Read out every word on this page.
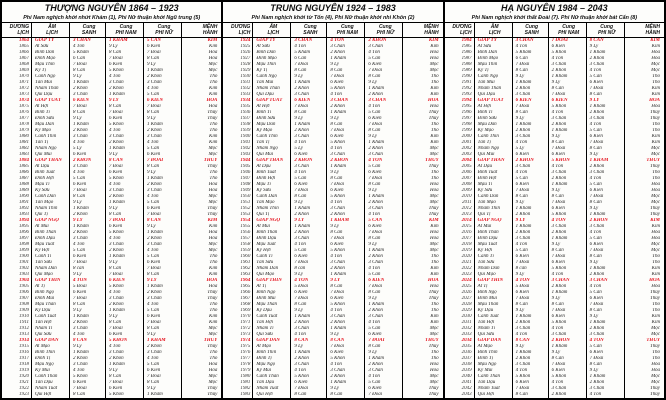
THƯỢNG NGUYÊN 1864 – 1923
Phi Nam nghịch khởi nhứt Khảm (1), Phi Nữ thuận khởi Ngũ trung (5)
DƯƠNG
LỊCH
ÂM
LỊCH
Cung
SANH
Cung
PHI NAM
Cung
PHI NỮ
MỆNH
HÀNH
1864	GIÁP TÝ	3 CHẤN	1 KHẢM	5 CẤN	KIM
1865	Ất Sửu	4 Tốn	9 Ly	6 Kiền	Kim
1866	Bính Dần	5 Khảm	8 Cấn	7 Đoài	Hỏa
1867	Đinh Mạo	6 Cấn	7 Đoài	8 Cấn	Hỏa
1868	Mậu Thìn	7 Đoài	6 Kiền	9 Ly	Mộc
1869	Kỷ Tị	8 Cấn	5 Khôn	1 Khảm	Mộc
1870	Canh Ngọ	9 Ly	4 Tốn	2 Khôn	Thổ
1871	Tân Mùi	1 Khảm	3 Chấn	3 Chấn	Thổ
1872	Nhâm Thân	2 Khôn	2 Khôn	4 Tốn	Kim
1873	Quí Dậu	3 Chấn	1 Khảm	5 Cấn	Kim
1874	GIÁP TUẤT	6 KIỀN	9 LY	6 KIỀN	HỎA
1875	Ất Hợi	7 Đoài	8 Cấn	7 Đoài	Hỏa
1876	Bính Tí	8 Cấn	7 Đoài	8 Cấn	Thủy
1877	Đinh Sửu	9 Ly	6 Kiền	9 Ly	Thủy
1878	Mậu Dần	1 Khảm	5 Khôn	1 Khảm	Thổ
1879	Kỷ Mạo	2 Khôn	4 Tốn	2 Khôn	Thổ
1880	Canh Thìn	3 Chấn	3 Chấn	3 Chấn	Kim
1881	Tân Tị	4 Tốn	2 Khôn	4 Tốn	Kim
1882	Nhâm Ngọ	5 Ly	1 Khảm	5 Cấn	Mộc
1883	Quí Mùi	6 Kiền	9 Ly	6 Kiền	Mộc
1884	GIÁP THÂN	2 KHÔN	8 CẤN	7 ĐOÀI	THỦY
1885	Ất Dậu	3 Chấn	7 Đoài	8 Cấn	Thủy
1886	Bính Tuất	4 Tốn	6 Kiền	9 Ly	Thổ
1887	Đinh Hợi	5 Cấn	5 Khôn	1 Khảm	Thổ
1888	Mậu Tí	6 Kiền	4 Tốn	2 Khôn	Hỏa
1889	Kỷ Sửu	7 Đoài	3 Chấn	3 Chấn	Hỏa
1890	Canh Dần	8 Cấn	2 Khôn	4 Tốn	Mộc
1891	Tân Mạo	9 Ly	1 Khảm	5 Cấn	Mộc
1892	Nhâm Thìn	1 Khảm	9 Ly	6 Kiền	Thủy
1893	Quí Tị	2 Khôn	8 Cấn	7 Đoài	Thủy
1894	GIÁP NGỌ	9 LY	7 ĐOÀI	8 CẤN	KIM
1895	Ất Mùi	1 Khảm	6 Kiền	9 Ly	Kim
1896	Bính Thân	2 Khôn	5 Khôn	1 Khảm	Hỏa
1897	Đinh Dậu	3 Chấn	4 Tốn	2 Khôn	Hỏa
1898	Mậu Tuất	4 Tốn	3 Chấn	3 Chấn	Mộc
1899	Kỷ Hợi	5 Cấn	2 Khôn	4 Tốn	Mộc
1900	Canh Tí	6 Kiền	1 Khảm	5 Cấn	Thổ
1901	Tân Sửu	7 Đoài	9 Ly	6 Kiền	Thổ
1902	Nhâm Dần	8 cấn	8 Cấn	7 Đoài	Kim
1903	Quí Mạo	9 Ly	7 Đoài	8 Cấn	Kim
1904	GIÁP THÌN	4 TỐN	6 KIỀN	9 LY	HỎA
1905	Ất Tị	5 Đoài	5 Khôn	1 Khảm	Hỏa
1906	Bính Ngọ	6 Kiền	4 Tốn	2 Khôn	Thủy
1907	Đinh Mùi	7 Đoài	3 Chấn	3 Chấn	Thủy
1908	Mậu Thân	8 Cấn	2 Khôn	4 Tốn	Thổ
1909	Kỷ Dậu	9 Ly	1 Khảm	5 Cấn	Thổ
1910	Canh Tuất	1 Khảm	9 Ly	6 Kiền	Kim
1911	Tân Hợi	2 Khôn	8 Cấn	7 Đoài	Kim
1912	Nhâm Tí	3 Chấn	7 Đoài	8 Cấn	Mộc
1913	Quí Sửu	4 Tốn	6 Kiền	9 Ly	Mộc
1914	GIÁP DẦN	8 CẤN	5 KHÔN	1 KHẢM	THỦY
1915	Ất Mạo	9 Ly	4 Tốn	2 Khôn	Thủy
1916	Bính Thìn	1 Khảm	3 Chấn	3 Chấn	Thổ
1917	Đinh Tị	2 Khôn	2 Khôn	4 Tốn	Thổ
1918	Mậu Ngọ	3 Chấn	1 Khảm	5 Cấn	Hỏa
1919	Kỷ Mùi	4 Tốn	9 Ly	6 Kiền	Hỏa
1920	Canh Thân	5 Khôn	8 Cấn	7 Đoài	Mộc
1921	Tân Dậu	6 Kiền	7 Đoài	8 Cấn	Mộc
1922	Nhâm Tuất	7 Đoài	6 Kiền	9 Ly	Thủy
1923	Quí Hợi	8 Cấn	5 Khôn	1 Khảm	Thủy
TRUNG NGUYÊN 1924 – 1983
Phi Nam nghịch khởi từ Tốn (4), Phi Nữ thuận khởi nhì Khôn (2)
DƯƠNG
LỊCH
ÂM
LỊCH
Cung
SANH
Cung
PHI NAM
Cung
PHI NỮ
MỆNH
HÀNH
1924	GIÁP TÝ	3 CHẤN	4 TỐN	2 KHÔN	KIM
1925	Ất Sửu	4 Tốn	3 Chấn	3 Chấn	Kim
1926	Bính Dần	5 Khảm	2 Khôn	4 Tốn	Hỏa
1927	Đinh Mạo	6 Cấn	1 Khảm	5 Cấn	Hỏa
1928	Mậu Thìn	7 Đoài	9 Ly	6 Kiền	Mộc
1929	Kỷ Tị	8 Cấn	8 Cấn	7 Đoài	Mộc
1930	Canh Ngọ	9 Ly	7 Đoài	8 Cấn	Thổ
1931	Tân Mùi	1 Khảm	6 Kiền	9 Ly	Thổ
1932	Nhâm Thân	2 Khôn	5 Khôn	1 Khảm	Kim
1933	Quí Dậu	3 Chấn	4 Tốn	2 Khôn	Kim
1934	GIÁP TUẤT	6 KIỀN	3 CHẤN	3 CHẤN	HỎA
1935	Ất Hợi	7 Đoài	2 Khôn	4 Tốn	Hỏa
1936	Bính Tí	8 Cấn	1 Khảm	5 Cấn	Thủy
1937	Đinh Sửu	9 Ly	9 Ly	6 Kiền	Thủy
1938	Mậu Dần	1 Khảm	8 Cấn	7 Đoài	Thổ
1939	Kỷ Mạo	2 Khôn	7 Đoài	8 Cấn	Thổ
1940	Canh Thìn	3 Chấn	6 Kiền	9 Ly	Kim
1941	Tân Tị	4 Tốn	5 Khôn	1 Khảm	Kim
1942	Nhâm Ngọ	5 Ly	4 Tốn	2 Khôn	Mộc
1943	Quí Mùi	6 Kiền	3 Chấn	3 Chấn	Mộc
1944	GIÁP THÂN	2 KHÔN	2 KHÔN	4 TỐN	THỦY
1945	Ất Dậu	3 Chấn	1 Khảm	5 Cấn	Thủy
1946	Bính Tuất	4 Tốn	9 Ly	6 Kiền	Thổ
1947	Đinh Hợi	5 Cấn	8 Cấn	7 Đoài	Thổ
1948	Mậu Tí	6 Kiền	7 Đoài	8 Cấn	Hỏa
1949	Kỷ Sửu	7 Đoài	6 Kiền	9 Ly	Hỏa
1950	Canh Dần	8 Cấn	5 Khôn	1 Khảm	Mộc
1951	Tân Mạo	9 Ly	4 Tốn	2 Khôn	Mộc
1952	Nhâm Thìn	1 Khảm	3 Chấn	3 Chấn	Thủy
1953	Quí Tị	2 Khôn	2 Khôn	4 Tốn	Thủy
1954	GIÁP NGỌ	9 LY	1 KHẢM	5 CẤN	KIM
1955	Ất Mùi	1 Khảm	9 Ly	6 Kiền	Kim
1956	Bính Thân	2 Khôn	8 Cấn	7 Đoài	Hỏa
1957	Đinh Dậu	3 Chấn	7 Đoài	8 Cấn	Hỏa
1958	Mậu Tuất	4 Tốn	6 Kiền	9 Ly	Mộc
1959	Kỷ Hợi	5 Cấn	5 Khôn	1 Khảm	Mộc
1960	Canh Tí	6 Kiền	4 Tốn	2 Khôn	Thổ
1961	Tân Sửu	7 Đoài	3 Chấn	3 Chấn	Thổ
1962	Nhâm Dần	8 cấn	2 Khôn	4 Tốn	Kim
1963	Quí Mạo	9 Ly	1 Khảm	5 Cấn	Kim
1964	GIÁP THÌN	4 TỐN	9 LY	6 KIỀN	HỎA
1965	Ất Tị	5 Đoài	8 Cấn	7 Đoài	Hỏa
1966	Bính Ngọ	6 Kiền	7 Đoài	8 Cấn	Thủy
1967	Đinh Mùi	7 Đoài	6 Kiền	9 Ly	Thủy
1968	Mậu Thân	8 Cấn	5 Khôn	1 Khảm	Thổ
1969	Kỷ Dậu	9 Ly	4 Tốn	2 Khôn	Thổ
1970	Canh Tuất	1 Khảm	3 Chấn	3 Chấn	Kim
1971	Tân Hợi	2 Khôn	2 Khôn	4 Tốn	Kim
1972	Nhâm Tí	3 Chấn	1 Khảm	5 Cấn	Mộc
1973	Quí Sửu	4 Tốn	9 Ly	6 Kiền	Mộc
1974	GIÁP DẦN	8 CẤN	8 CẤN	7 ĐOÀI	THỦY
1975	Ất Mạo	9 Ly	7 Đoài	8 Cấn	Thủy
1976	Bính Thìn	1 Khảm	6 Kiền	9 Ly	Thổ
1977	Đinh Tị	2 Khôn	5 Khôn	1 Khảm	Thổ
1978	Mậu Ngọ	3 Chấn	4 Tốn	2 Khôn	Hỏa
1979	Kỷ Mùi	4 Tốn	3 Chấn	3 Chấn	Hỏa
1980	Canh Thân	5 Khôn	2 Khôn	4 Tốn	Mộc
1981	Tân Dậu	6 Kiền	1 Khảm	5 Cấn	Mộc
1982	Nhâm Tuất	7 Đoài	9 Ly	6 Kiền	Thủy
1983	Quí Hợi	8 Cấn	8 Cấn	7 Đoài	Thủy
HẠ NGUYÊN 1984 – 2043
Phi Nam nghịch khởi thất Đoài (7). Phi Nữ thuận khởi bát Cấn (8)
DƯƠNG
LỊCH
ÂM
LỊCH
Cung
SANH
Cung
PHI NAM
Cung
PHI NỮ
MỆNH
HÀNH
1984	GIÁP TÝ	3 CHẤN	7 ĐOÀI	8 CẤN	KIM
1985	Ất Sửu	4 Tốn	6 Kiền	9 Ly	Kim
1986	Bính Dần	5 Khảm	5 Khôn	1 Khảm	Hỏa
1987	Đinh Mạo	6 Cấn	4 Tốn	2 Khôn	Hỏa
1988	Mậu Thìn	7 Đoài	3 Chấn	3 Chấn	Mộc
1989	Kỷ Tị	8 Cấn	2 Khôn	4 Tốn	Mộc
1990	Canh Ngọ	9 Ly	1 Khảm	5 Cấn	Thổ
1991	Tân Mùi	1 Khảm	9 Ly	6 Kiền	Thổ
1992	Nhâm Thân	2 Khôn	8 Cấn	7 Đoài	Kim
1993	Quí Dậu	3 Chấn	7 Đoài	8 Cấn	Kim
1994	GIÁP TUẤT	6 KIỀN	6 KIỀN	9 LY	HỎA
1995	Ất Hợi	7 Đoài	5 Khôn	1 Khảm	Hỏa
1996	Bính Tí	8 Cấn	4 Tốn	2 Khôn	Thủy
1997	Đinh Sửu	9 Ly	3 Chấn	3 Chấn	Thủy
1998	Mậu Dần	1 Khảm	2 Khôn	4 Tốn	Thổ
1999	Kỷ Mạo	2 Khôn	1 Khảm	5 Cấn	Thổ
2000	Canh Thìn	3 Chấn	9 Ly	6 Kiền	Kim
2001	Tân Tị	4 Tốn	8 Cấn	7 Đoài	Kim
2002	Nhâm Ngọ	5 Ly	7 Đoài	8 Cấn	Mộc
2003	Quí Mùi	6 Kiền	6 Kiền	9 Ly	Mộc
2004	GIÁP THÂN	2 KHÔN	5 KHÔN	1 KHẢM	THỦY
2005	Ất Dậu	3 Chấn	4 Tốn	2 Khôn	Thủy
2006	Bính Tuất	4 Tốn	3 Chấn	3 Chấn	Thổ
2007	Đinh Hợi	5 Cấn	2 Khôn	4 Tốn	Thổ
2008	Mậu Tí	6 Kiền	1 Khảm	5 Cấn	Hỏa
2009	Kỷ Sửu	7 Đoài	9 Ly	6 Kiền	Hỏa
2010	Canh Dần	8 Cấn	8 Cấn	7 Đoài	Mộc
2011	Tân Mạo	9 Ly	7 Đoài	8 Cấn	Mộc
2012	Nhâm Thìn	1 Khảm	6 Kiền	9 Ly	Thủy
2013	Quí Tị	2 Khôn	5 Khôn	1 Khảm	Thủy
2014	GIÁP NGỌ	9 LY	4 TỐN	2 KHÔN	KIM
2015	Ất Mùi	1 Khảm	3 Chấn	3 Chấn	Kim
2016	Bính Thân	2 Khôn	2 Khôn	4 Tốn	Hỏa
2017	Đinh Dậu	3 Chấn	1 Khảm	5 Cấn	Hỏa
2018	Mậu Tuất	4 Tốn	9 Ly	6 Kiền	Mộc
2019	Kỷ Hợi	5 Cấn	8 Cấn	7 Đoài	Mộc
2020	Canh Tí	6 Kiền	7 Đoài	8 Cấn	Thổ
2021	Tân Sửu	7 Đoài	6 Kiền	9 Ly	Thổ
2022	Nhâm Dần	8 cấn	5 Khôn	1 Khảm	Kim
2023	Quí Mạo	9 Ly	4 Tốn	2 Khôn	Kim
2024	GIÁP THÌN	4 TỐN	3 CHẤN	3 CHẤN	HỎA
2025	Ất Tị	5 Đoài	2 Khôn	4 Tốn	Hỏa
2026	Bính Ngọ	6 Kiền	1 Khảm	5 Cấn	Thủy
2027	Đinh Mùi	7 Đoài	9 Ly	6 Kiền	Thủy
2028	Mậu Thân	8 Cấn	8 Cấn	7 Đoài	Thổ
2029	Kỷ Dậu	9 Ly	7 Đoài	8 Cấn	Thổ
2030	Canh Tuất	1 Khảm	6 Kiền	9 Ly	Kim
2031	Tân Hợi	2 Khôn	5 Khôn	1 Khảm	Kim
2032	Nhâm Tí	3 Chấn	4 Tốn	2 Khôn	Mộc
2033	Quí Sửu	4 Tốn	3 Chấn	3 Chấn	Mộc
2034	GIÁP DẦN	8 CẤN	2 KHÔN	4 TỐN	THỦY
2035	Ất Mạo	9 Ly	1 Khảm	5 Cấn	Thủy
2036	Bính Thìn	1 Khảm	9 Ly	6 Kiền	Thổ
2037	Đinh Tị	2 Khôn	8 Cấn	7 Đoài	Thổ
2038	Mậu Ngọ	3 Chấn	7 Đoài	8 Cấn	Hỏa
2039	Kỷ Mùi	4 Tốn	6 Kiền	9 Ly	Hỏa
2040	Canh Thân	5 Khôn	5 Khôn	1 Khảm	Mộc
2041	Tân Dậu	6 Kiền	4 Tốn	2 Khôn	Mộc
2042	Nhâm Tuất	7 Đoài	3 Chấn	3 Chấn	Thủy
2043	Quí Hợi	8 Cấn	2 Khôn	4 Tốn	Thủy
